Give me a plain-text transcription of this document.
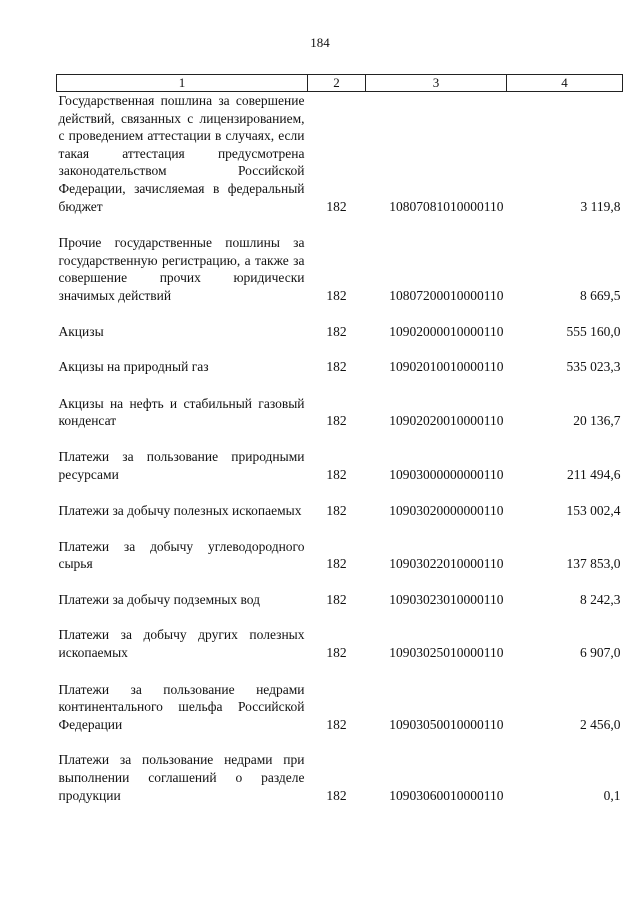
184
1	2	3	4
Государственная пошлина за совершение действий, связанных с лицензированием, с проведением аттестации в случаях, если такая аттестация предусмотрена законодательством Российской Федерации, зачисляемая в федеральный бюджет	182	10807081010000110	3 119,8

Прочие государственные пошлины за государственную регистрацию, а также за совершение прочих юридически значимых действий	182	10807200010000110	8 669,5

Акцизы	182	10902000010000110	555 160,0

Акцизы на природный газ	182	10902010010000110	535 023,3

Акцизы на нефть и стабильный газовый конденсат	182	10902020010000110	20 136,7

Платежи за пользование природными ресурсами	182	10903000000000110	211 494,6

Платежи за добычу полезных ископаемых	182	10903020000000110	153 002,4

Платежи за добычу углеводородного сырья	182	10903022010000110	137 853,0

Платежи за добычу подземных вод	182	10903023010000110	8 242,3

Платежи за добычу других полезных ископаемых	182	10903025010000110	6 907,0

Платежи за пользование недрами континентального шельфа Российской Федерации	182	10903050010000110	2 456,0

Платежи за пользование недрами при выполнении соглашений о разделе продукции	182	10903060010000110	0,1
